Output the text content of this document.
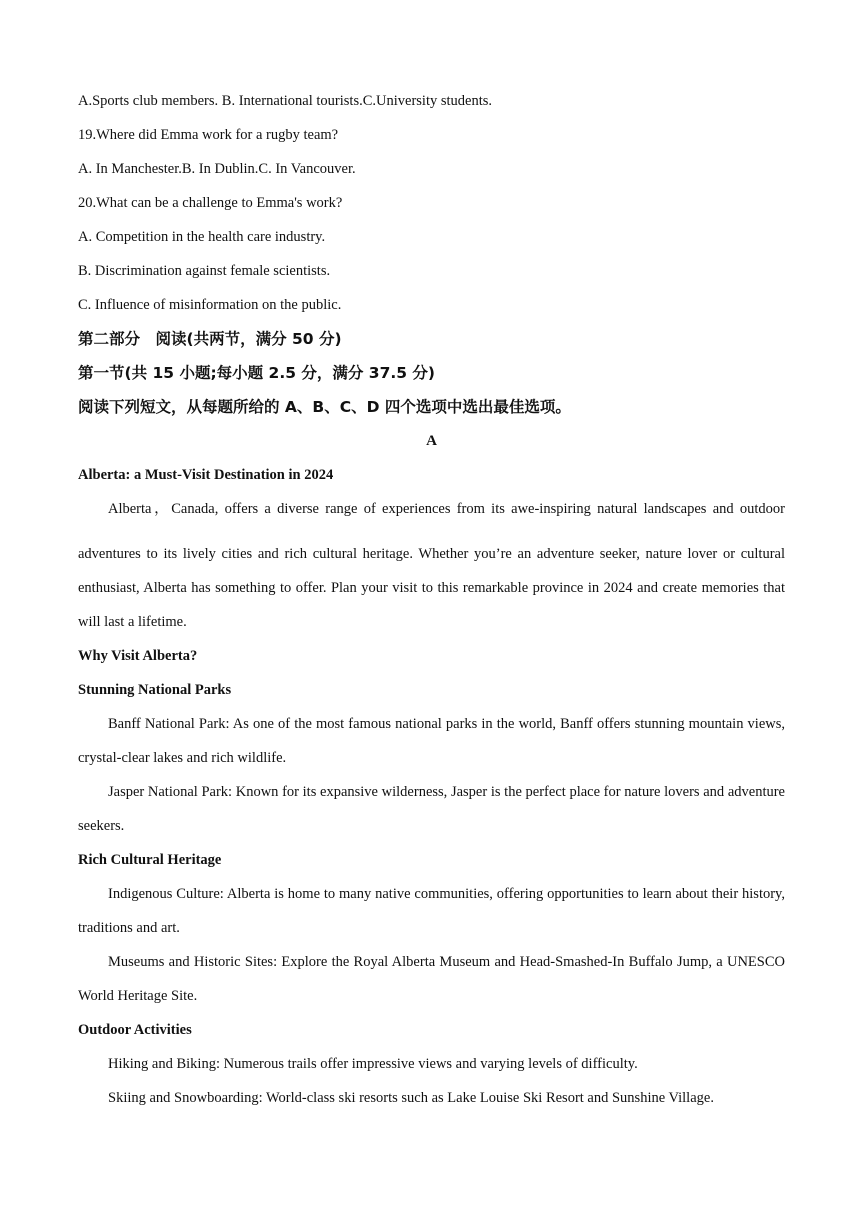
A.Sports club members. B. International tourists.C.University students.
19.Where did Emma work for a rugby team?
A. In Manchester.B. In Dublin.C. In Vancouver.
20.What can be a challenge to Emma's work?
A. Competition in the health care industry.
B. Discrimination against female scientists.
C. Influence of misinformation on the public.
第二部分　阅读(共两节，满分 50 分)
第一节(共 15 小题;每小题 2.5 分，满分 37.5 分)
阅读下列短文，从每题所给的 A、B、C、D 四个选项中选出最佳选项。
A
Alberta: a Must-Visit Destination in 2024
Alberta，Canada, offers a diverse range of experiences from its awe-inspiring natural landscapes and outdoor
adventures to its lively cities and rich cultural heritage. Whether you’re an adventure seeker, nature lover or cultural enthusiast, Alberta has something to offer. Plan your visit to this remarkable province in 2024 and create memories that will last a lifetime.
Why Visit Alberta?
Stunning National Parks
Banff National Park: As one of the most famous national parks in the world, Banff offers stunning mountain views, crystal-clear lakes and rich wildlife.
Jasper National Park: Known for its expansive wilderness, Jasper is the perfect place for nature lovers and adventure seekers.
Rich Cultural Heritage
Indigenous Culture: Alberta is home to many native communities, offering opportunities to learn about their history, traditions and art.
Museums and Historic Sites: Explore the Royal Alberta Museum and Head-Smashed-In Buffalo Jump, a UNESCO World Heritage Site.
Outdoor Activities
Hiking and Biking: Numerous trails offer impressive views and varying levels of difficulty.
Skiing and Snowboarding: World-class ski resorts such as Lake Louise Ski Resort and Sunshine Village.
